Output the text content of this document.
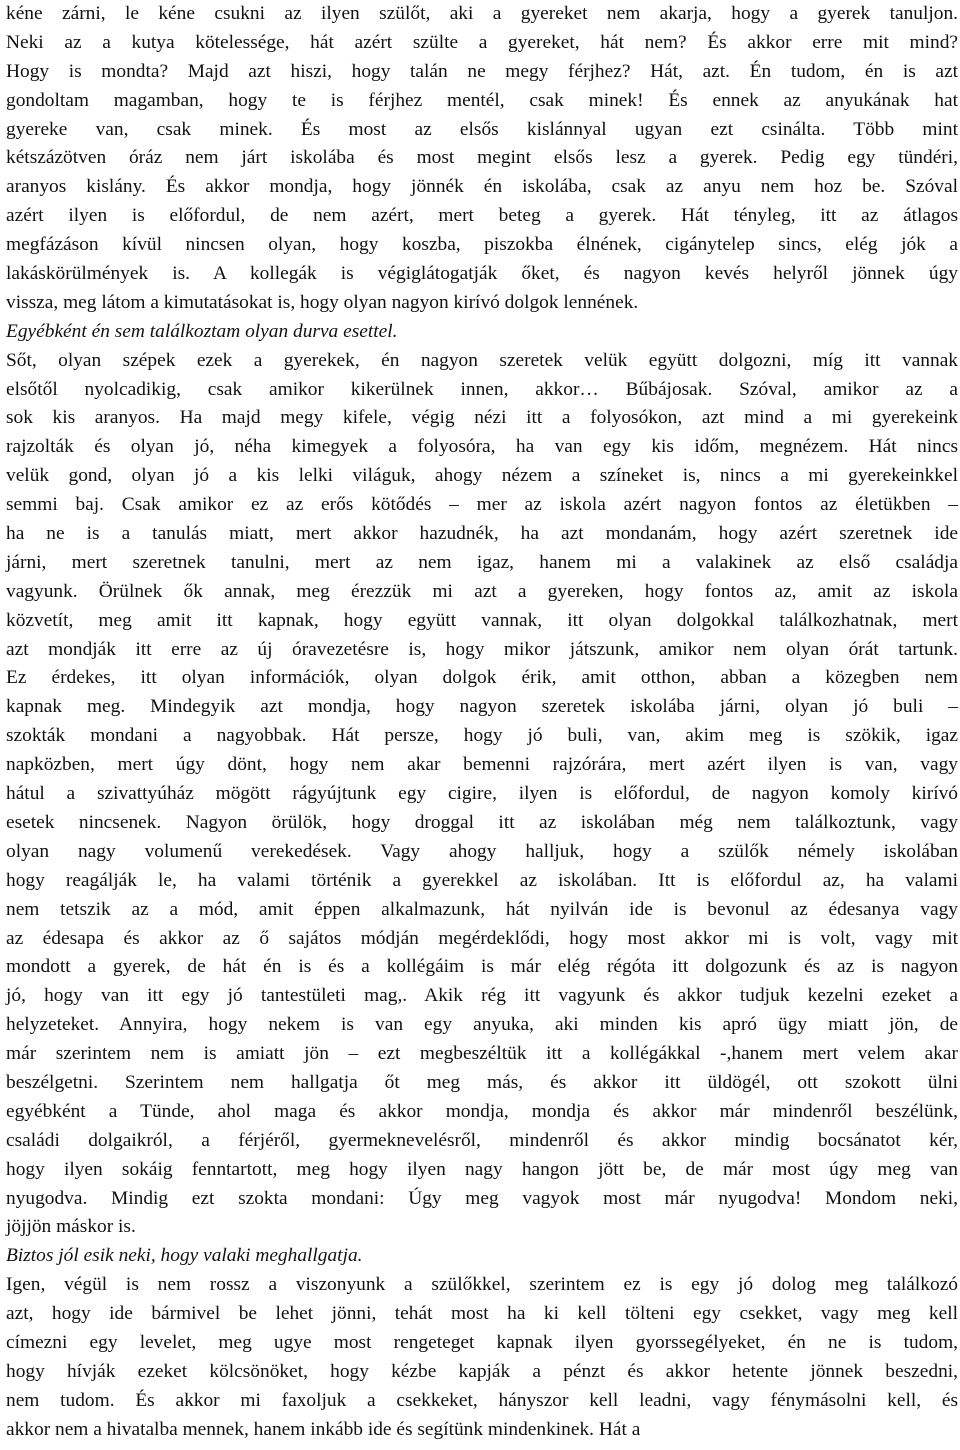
kéne zárni, le kéne csukni az ilyen szülőt, aki a gyereket nem akarja, hogy a gyerek tanuljon.
Neki az a kutya kötelessége, hát azért szülte a gyereket, hát nem? És akkor erre mit mind?
Hogy is mondta? Majd azt hiszi, hogy talán ne megy férjhez? Hát, azt. Én tudom, én is azt
gondoltam magamban, hogy te is férjhez mentél, csak minek! És ennek az anyukának hat
gyereke van, csak minek. És most az elsős kislánnyal ugyan ezt csinálta. Több mint
kétszázötven óráz nem járt iskolába és most megint elsős lesz a gyerek. Pedig egy tündéri,
aranyos kislány. És akkor mondja, hogy jönnék én iskolába, csak az anyu nem hoz be. Szóval
azért ilyen is előfordul, de nem azért, mert beteg a gyerek. Hát tényleg, itt az átlagos
megfázáson kívül nincsen olyan, hogy koszba, piszokba élnének, cigánytelep sincs, elég jók a
lakáskörülmények is. A kollegák is végiglátogatják őket, és nagyon kevés helyről jönnek úgy
vissza, meg látom a kimutatásokat is, hogy olyan nagyon kirívó dolgok lennének.
Egyébként én sem találkoztam olyan durva esettel.
Sőt, olyan szépek ezek a gyerekek, én nagyon szeretek velük együtt dolgozni, míg itt vannak
elsőtől nyolcadikig, csak amikor kikerülnek innen, akkor… Bűbájosak. Szóval, amikor az a
sok kis aranyos. Ha majd megy kifele, végig nézi itt a folyosókon, azt mind a mi gyerekeink
rajzolták és olyan jó, néha kimegyek a folyosóra, ha van egy kis időm, megnézem. Hát nincs
velük gond, olyan jó a kis lelki világuk, ahogy nézem a színeket is, nincs a mi gyerekeinkkel
semmi baj. Csak amikor ez az erős kötődés – mer az iskola azért nagyon fontos az életükben –
ha ne is a tanulás miatt, mert akkor hazudnék, ha azt mondanám, hogy azért szeretnek ide
járni, mert szeretnek tanulni, mert az nem igaz, hanem mi a valakinek az első családja
vagyunk. Örülnek ők annak, meg érezzük mi azt a gyereken, hogy fontos az, amit az iskola
közvetít, meg amit itt kapnak, hogy együtt vannak, itt olyan dolgokkal találkozhatnak, mert
azt mondják itt erre az új óravezetésre is, hogy mikor játszunk, amikor nem olyan órát tartunk.
Ez érdekes, itt olyan információk, olyan dolgok érik, amit otthon, abban a közegben nem
kapnak meg. Mindegyik azt mondja, hogy nagyon szeretek iskolába járni, olyan jó buli –
szokták mondani a nagyobbak. Hát persze, hogy jó buli, van, akim meg is szökik, igaz
napközben, mert úgy dönt, hogy nem akar bemenni rajzórára, mert azért ilyen is van, vagy
hátul a szivattyúház mögött rágyújtunk egy cigire, ilyen is előfordul, de nagyon komoly kirívó
esetek nincsenek. Nagyon örülök, hogy droggal itt az iskolában még nem találkoztunk, vagy
olyan nagy volumenű verekedések. Vagy ahogy halljuk, hogy a szülők némely iskolában
hogy reagálják le, ha valami történik a gyerekkel az iskolában. Itt is előfordul az, ha valami
nem tetszik az a mód, amit éppen alkalmazunk, hát nyilván ide is bevonul az édesanya vagy
az édesapa és akkor az ő sajátos módján megérdeklődi, hogy most akkor mi is volt, vagy mit
mondott a gyerek, de hát én is és a kollégáim is már elég régóta itt dolgozunk és az is nagyon
jó, hogy van itt egy jó tantestületi mag,. Akik rég itt vagyunk és akkor tudjuk kezelni ezeket a
helyzeteket. Annyira, hogy nekem is van egy anyuka, aki minden kis apró ügy miatt jön, de
már szerintem nem is amiatt jön – ezt megbeszéltük itt a kollégákkal -,hanem mert velem akar
beszélgetni. Szerintem nem hallgatja őt meg más, és akkor itt üldögél, ott szokott ülni
egyébként a Tünde, ahol maga és akkor mondja, mondja és akkor már mindenről beszélünk,
családi dolgaikról, a férjéről, gyermeknevelésről, mindenről és akkor mindig bocsánatot kér,
hogy ilyen sokáig fenntartott, meg hogy ilyen nagy hangon jött be, de már most úgy meg van
nyugodva. Mindig ezt szokta mondani: Úgy meg vagyok most már nyugodva! Mondom neki,
jöjjön máskor is.
Biztos jól esik neki, hogy valaki meghallgatja.
Igen, végül is nem rossz a viszonyunk a szülőkkel, szerintem ez is egy jó dolog meg találkozó
azt, hogy ide bármivel be lehet jönni, tehát most ha ki kell tölteni egy csekket, vagy meg kell
címezni egy levelet, meg ugye most rengeteget kapnak ilyen gyorssegélyeket, én ne is tudom,
hogy hívják ezeket kölcsönöket, hogy kézbe kapják a pénzt és akkor hetente jönnek beszedni,
nem tudom. És akkor mi faxoljuk a csekkeket, hányszor kell leadni, vagy fénymásolni kell, és
akkor nem a hivatalba mennek, hanem inkább ide és segítünk mindenkinek. Hát a
